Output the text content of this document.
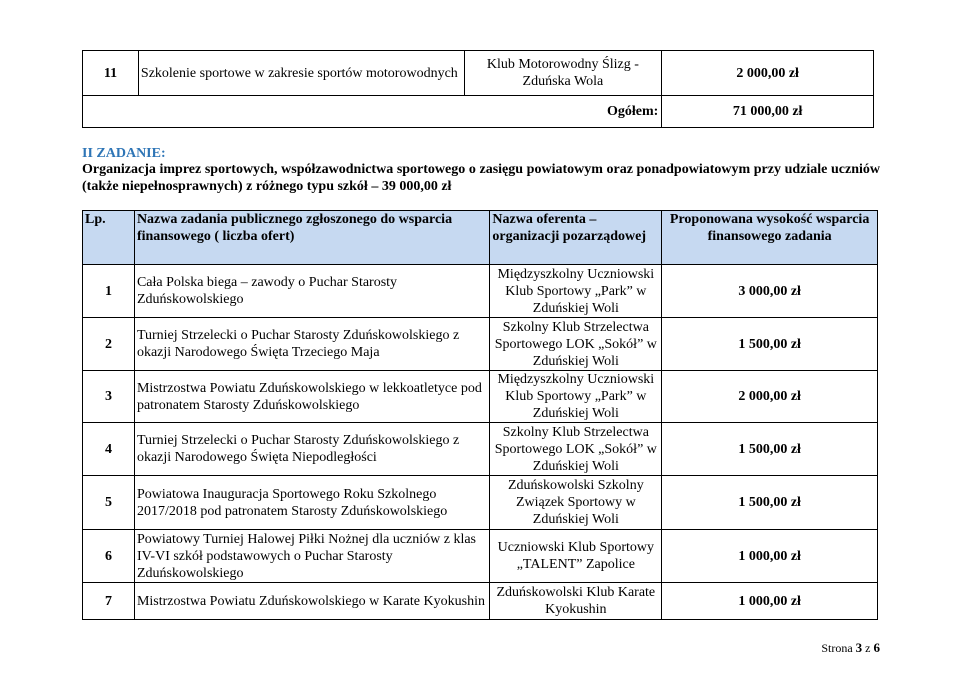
11	Szkolenie sportowe w zakresie sportów motorowodnych	Klub Motorowodny Ślizg - Zduńska Wola	2 000,00 zł
Ogółem:			71 000,00 zł

II ZADANIE:

Organizacja imprez sportowych, współzawodnictwa sportowego o zasięgu powiatowym oraz ponadpowiatowym przy udziale uczniów (także niepełnosprawnych) z różnego typu szkół – 39 000,00 zł

Lp.	Nazwa zadania publicznego zgłoszonego do wsparcia finansowego ( liczba ofert)	Nazwa oferenta – organizacji pozarządowej	Proponowana wysokość wsparcia finansowego zadania
1	Cała Polska biega – zawody o Puchar Starosty Zduńskowolskiego	Międzyszkolny Uczniowski Klub Sportowy „Park” w Zduńskiej Woli	3 000,00 zł
2	Turniej Strzelecki o Puchar Starosty Zduńskowolskiego z okazji Narodowego Święta Trzeciego Maja	Szkolny Klub Strzelectwa Sportowego LOK „Sokół” w Zduńskiej Woli	1 500,00 zł
3	Mistrzostwa Powiatu Zduńskowolskiego w lekkoatletyce pod patronatem Starosty Zduńskowolskiego	Międzyszkolny Uczniowski Klub Sportowy „Park” w Zduńskiej Woli	2 000,00 zł
4	Turniej Strzelecki o Puchar Starosty Zduńskowolskiego z okazji Narodowego Święta Niepodległości	Szkolny Klub Strzelectwa Sportowego LOK „Sokół” w Zduńskiej Woli	1 500,00 zł
5	Powiatowa Inauguracja Sportowego Roku Szkolnego 2017/2018 pod patronatem Starosty Zduńskowolskiego	Zduńskowolski Szkolny Związek Sportowy w Zduńskiej Woli	1 500,00 zł
6	Powiatowy Turniej Halowej Piłki Nożnej dla uczniów z klas IV-VI szkół podstawowych o Puchar Starosty Zduńskowolskiego	Uczniowski Klub Sportowy „TALENT” Zapolice	1 000,00 zł
7	Mistrzostwa Powiatu Zduńskowolskiego w Karate Kyokushin	Zduńskowolski Klub Karate Kyokushin	1 000,00 zł
Strona 3 z 6
